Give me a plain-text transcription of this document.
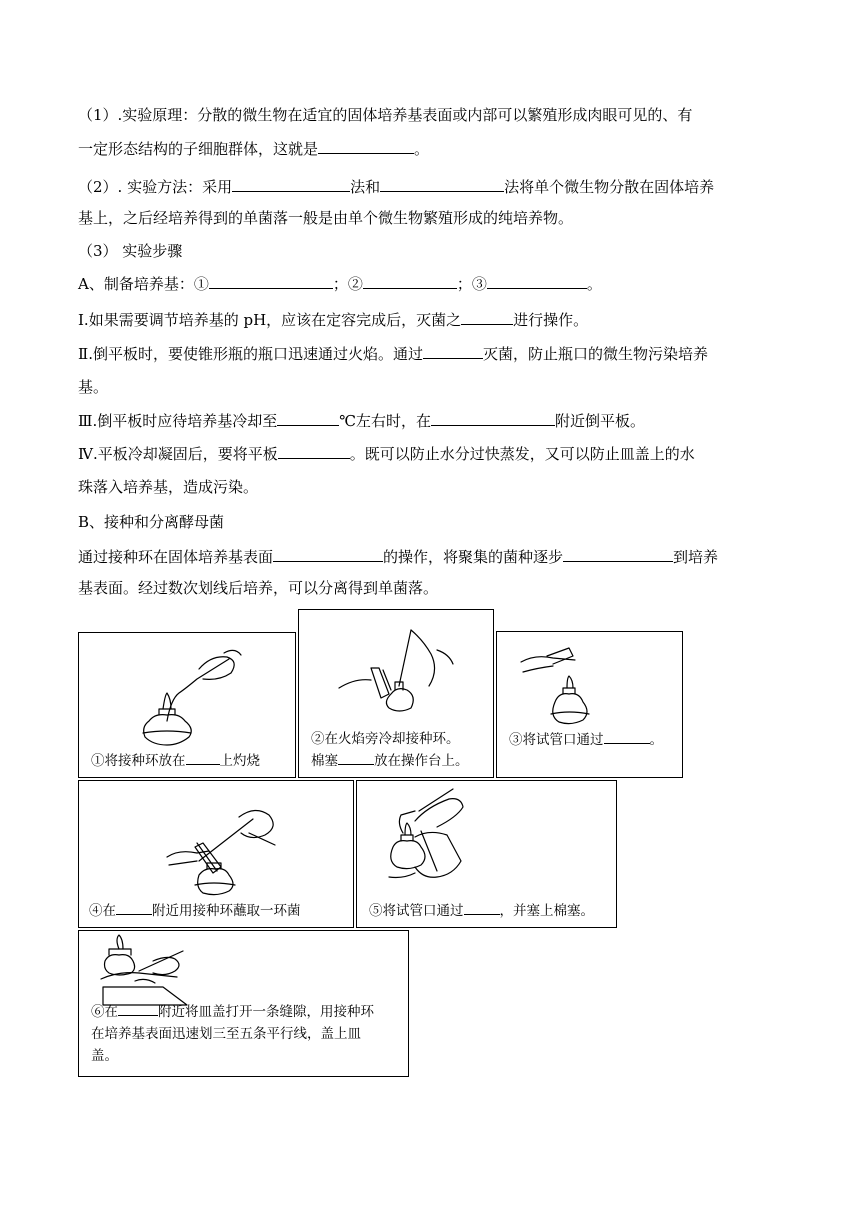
（1）.实验原理：分散的微生物在适宜的固体培养基表面或内部可以繁殖形成肉眼可见的、有
一定形态结构的子细胞群体，这就是	。
（2）. 实验方法：采用	法和	法将单个微生物分散在固体培养
基上，之后经培养得到的单菌落一般是由单个微生物繁殖形成的纯培养物。
（3） 实验步骤
A、制备培养基：①	；②	；③	。
Ⅰ.如果需要调节培养基的 pH，应该在定容完成后，灭菌之	进行操作。
Ⅱ.倒平板时，要使锥形瓶的瓶口迅速通过火焰。通过	灭菌，防止瓶口的微生物污染培养
基。
Ⅲ.倒平板时应待培养基冷却至	℃左右时，在	附近倒平板。
Ⅳ.平板冷却凝固后，要将平板	。既可以防止水分过快蒸发，又可以防止皿盖上的水
珠落入培养基，造成污染。
B、接种和分离酵母菌
通过接种环在固体培养基表面	的操作，将聚集的菌种逐步	到培养
基表面。经过数次划线后培养，可以分离得到单菌落。
①将接种环放在	上灼烧
②在火焰旁冷却接种环。
棉塞	放在操作台上。
③将试管口通过	。
④在	附近用接种环蘸取一环菌	⑤将试管口通过	，并塞上棉塞。
⑥在	附近将皿盖打开一条缝隙，用接种环
在培养基表面迅速划三至五条平行线，盖上皿
盖。
